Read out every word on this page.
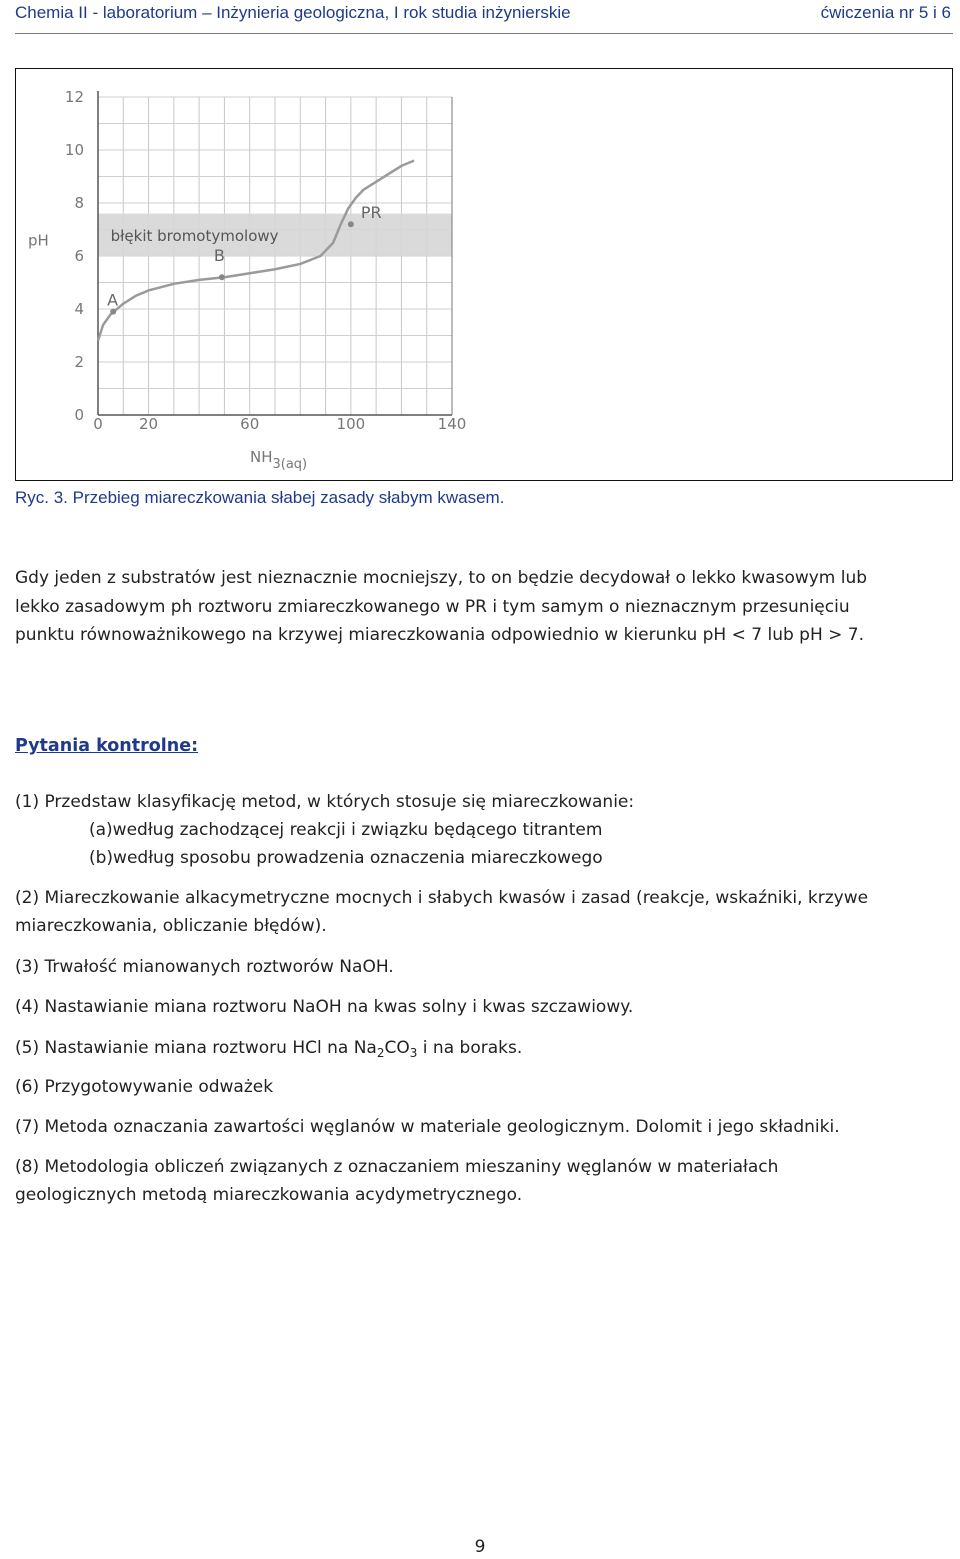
Chemia II - laboratorium – Inżynieria geologiczna, I rok studia inżynierskie	ćwiczenia nr 5 i 6
błękit bromotymolowy
0
2
4
6
8
10
12
0 20	60	100	140
pH
NH3(aq)
A
B
PR
Ryc. 3. Przebieg miareczkowania słabej zasady słabym kwasem.

Gdy jeden z substratów jest nieznacznie mocniejszy, to on będzie decydował o lekko kwasowym lub

lekko zasadowym ph roztworu zmiareczkowanego w PR i tym samym o nieznacznym przesunięciu

punktu równoważnikowego na krzywej miareczkowania odpowiednio w kierunku pH < 7 lub pH > 7.

Pytania kontrolne:

(1) Przedstaw klasyfikację metod, w których stosuje się miareczkowanie:

(a)według zachodzącej reakcji i związku będącego titrantem

(b)według sposobu prowadzenia oznaczenia miareczkowego

(2) Miareczkowanie alkacymetryczne mocnych i słabych kwasów i zasad (reakcje, wskaźniki, krzywe

miareczkowania, obliczanie błędów).

(3) Trwałość mianowanych roztworów NaOH.

(4) Nastawianie miana roztworu NaOH na kwas solny i kwas szczawiowy.

(5) Nastawianie miana roztworu HCl na $Na_2CO_3$ i na boraks.

(6) Przygotowywanie odważek

(7) Metoda oznaczania zawartości węglanów w materiale geologicznym. Dolomit i jego składniki.

(8) Metodologia obliczeń związanych z oznaczaniem mieszaniny węglanów w materiałach

geologicznych metodą miareczkowania acydymetrycznego.

9
